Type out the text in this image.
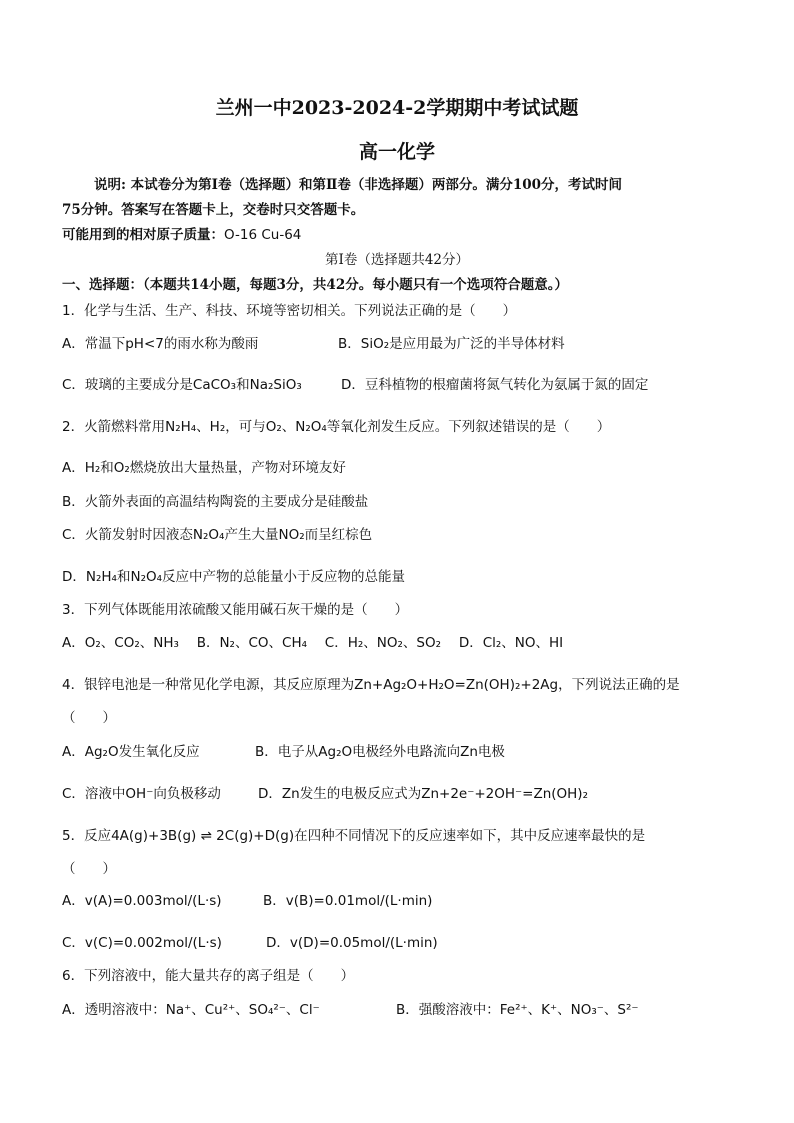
兰州一中2023-2024-2学期期中考试试题
高一化学
说明: 本试卷分为第Ⅰ卷（选择题）和第Ⅱ卷（非选择题）两部分。满分100分，考试时间
75分钟。答案写在答题卡上，交卷时只交答题卡。
可能用到的相对原子质量：O-16 Cu-64
第Ⅰ卷（选择题共42分）
一、选择题：（本题共14小题，每题3分，共42分。每小题只有一个选项符合题意。）
1．化学与生活、生产、科技、环境等密切相关。下列说法正确的是（　　）
A．常温下pH<7的雨水称为酸雨	B．SiO₂是应用最为广泛的半导体材料
C．玻璃的主要成分是CaCO₃和Na₂SiO₃	D．豆科植物的根瘤菌将氮气转化为氨属于氮的固定
2．火箭燃料常用N₂H₄、H₂，可与O₂、N₂O₄等氧化剂发生反应。下列叙述错误的是（　　）
A．H₂和O₂燃烧放出大量热量，产物对环境友好
B．火箭外表面的高温结构陶瓷的主要成分是硅酸盐
C．火箭发射时因液态N₂O₄产生大量NO₂而呈红棕色
D．N₂H₄和N₂O₄反应中产物的总能量小于反应物的总能量
3．下列气体既能用浓硫酸又能用碱石灰干燥的是（　　）
A．O₂、CO₂、NH₃　 B．N₂、CO、CH₄　 C．H₂、NO₂、SO₂　 D．Cl₂、NO、HI
4．银锌电池是一种常见化学电源，其反应原理为Zn+Ag₂O+H₂O=Zn(OH)₂+2Ag，下列说法正确的是
（　　）
A．Ag₂O发生氧化反应	B．电子从Ag₂O电极经外电路流向Zn电极
C．溶液中OH⁻向负极移动	D．Zn发生的电极反应式为Zn+2e⁻+2OH⁻=Zn(OH)₂
5．反应4A(g)+3B(g) ⇌ 2C(g)+D(g)在四种不同情况下的反应速率如下，其中反应速率最快的是
（　　）
A．v(A)=0.003mol/(L·s)	B．v(B)=0.01mol/(L·min)
C．v(C)=0.002mol/(L·s)	D．v(D)=0.05mol/(L·min)
6．下列溶液中，能大量共存的离子组是（　　）
A．透明溶液中：Na⁺、Cu²⁺、SO₄²⁻、Cl⁻	B．强酸溶液中：Fe²⁺、K⁺、NO₃⁻、S²⁻
